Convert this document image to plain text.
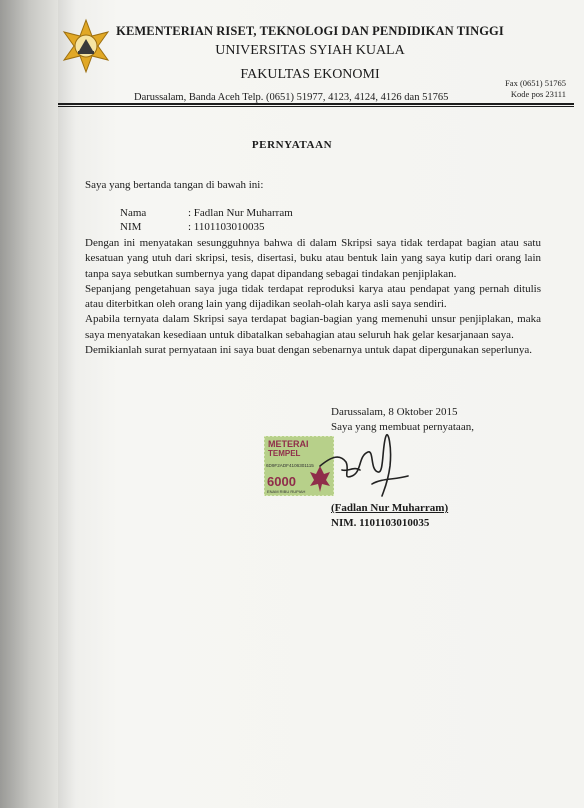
KEMENTERIAN RISET, TEKNOLOGI DAN PENDIDIKAN TINGGI
UNIVERSITAS SYIAH KUALA
FAKULTAS EKONOMI
Darussalam, Banda Aceh Telp. (0651) 51977, 4123, 4124, 4126 dan 51765
Fax (0651) 51765
Kode pos 23111
PERNYATAAN
Saya yang bertanda tangan di bawah ini:
Nama	: Fadlan Nur Muharram
NIM	: 1101103010035

Dengan ini menyatakan sesungguhnya bahwa di dalam Skripsi saya tidak terdapat bagian atau satu kesatuan yang utuh dari skripsi, tesis, disertasi, buku atau bentuk lain yang saya kutip dari orang lain tanpa saya sebutkan sumbernya yang dapat dipandang sebagai tindakan penjiplakan.

Sepanjang pengetahuan saya juga tidak terdapat reproduksi karya atau pendapat yang pernah ditulis atau diterbitkan oleh orang lain yang dijadikan seolah-olah karya asli saya sendiri.

Apabila ternyata dalam Skripsi saya terdapat bagian-bagian yang memenuhi unsur penjiplakan, maka saya menyatakan kesediaan untuk dibatalkan sebahagian atau seluruh hak gelar kesarjanaan saya.

Demikianlah surat pernyataan ini saya buat dengan sebenarnya untuk dapat dipergunakan seperlunya.

Darussalam, 8 Oktober 2015
Saya yang membuat pernyataan,
METERAI
TEMPEL
6D9F2ADF4106301115
6000
ENAM RIBU RUPIAH
(Fadlan Nur Muharram)
NIM. 1101103010035
